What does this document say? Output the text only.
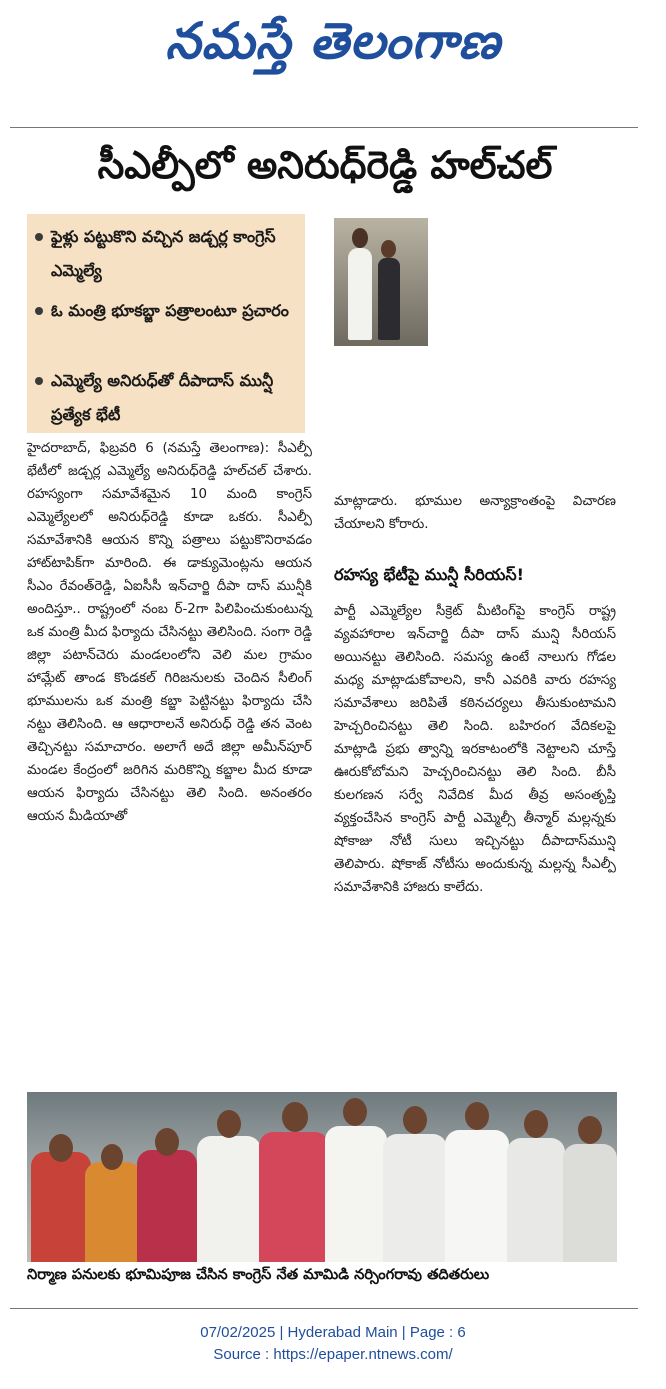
నమస్తే తెలంగాణ
సీఎల్పీలో అనిరుధ్‌రెడ్డి హల్‌చల్
ఫైళ్లు పట్టుకొని వచ్చిన జడ్చర్ల కాంగ్రెస్ ఎమ్మెల్యే
ఓ మంత్రి భూకబ్జా పత్రాలంటూ ప్రచారం
ఎమ్మెల్యే అనిరుధ్‌తో దీపాదాస్ మున్షీ ప్రత్యేక భేటీ
హైదరాబాద్, ఫిబ్రవరి 6 (నమస్తే తెలంగాణ): సీఎల్పీ భేటీలో జడ్చర్ల ఎమ్మెల్యే అనిరుధ్‌రెడ్డి హల్‌చల్ చేశారు. రహస్యంగా సమావేశమైన 10 మంది కాంగ్రెస్ ఎమ్మెల్యేలలో అనిరుధ్‌రెడ్డి కూడా ఒకరు. సీఎల్పీ సమావేశానికి ఆయన కొన్ని పత్రాలు పట్టుకొనిరావడం హాట్‌టాపిక్‌గా మారింది. ఈ డాక్యుమెంట్లను ఆయన సీఎం రేవంత్‌రెడ్డి, ఏఐసీసీ ఇన్‌చార్జి దీపా దాస్ మున్షీకి అందిస్తూ.. రాష్ట్రంలో నంబ ర్-2గా పిలిపించుకుంటున్న ఒక మంత్రి మీద ఫిర్యాదు చేసినట్టు తెలిసింది. సంగా రెడ్డి జిల్లా పటాన్‌చెరు మండలంలోని వెలి మల గ్రామం హామ్లేట్ తాండ కొండకల్ గిరిజనులకు చెందిన సీలింగ్ భూములను ఒక మంత్రి కబ్జా పెట్టినట్టు ఫిర్యాదు చేసి నట్టు తెలిసింది. ఆ ఆధారాలనే అనిరుధ్ రెడ్డి తన వెంట తెచ్చినట్టు సమాచారం. అలాగే అదే జిల్లా అమీన్‌పూర్ మండల కేంద్రంలో జరిగిన మరికొన్ని కబ్జాల మీద కూడా ఆయన ఫిర్యాదు చేసినట్టు తెలి సింది. అనంతరం ఆయన మీడియాతో
మాట్లాడారు. భూముల అన్యాక్రాంతంపై విచారణ చేయాలని కోరారు.
రహస్య భేటీపై మున్షీ సీరియస్!
పార్టీ ఎమ్మెల్యేల సీక్రెట్ మీటింగ్‌పై కాంగ్రెస్ రాష్ట్ర వ్యవహారాల ఇన్‌చార్జి దీపా దాస్ మున్షి సీరియస్ అయినట్టు తెలిసింది. సమస్య ఉంటే నాలుగు గోడల మధ్య మాట్లాడుకోవాలని, కానీ ఎవరికి వారు రహస్య సమావేశాలు జరిపితే కఠినచర్యలు తీసుకుంటామని హెచ్చరించినట్టు తెలి సింది. బహిరంగ వేదికలపై మాట్లాడి ప్రభు త్వాన్ని ఇరకాటంలోకి నెట్టాలని చూస్తే ఊరుకోబోమని హెచ్చరించినట్టు తెలి సింది. బీసీ కులగణన సర్వే నివేదిక మీద తీవ్ర అసంతృప్తి వ్యక్తంచేసిన కాంగ్రెస్ పార్టీ ఎమ్మెల్సీ తీన్మార్ మల్లన్నకు షోకాజు నోటీ సులు ఇచ్చినట్టు దీపాదాస్‌మున్షి తెలిపారు. షోకాజ్ నోటీసు అందుకున్న మల్లన్న సీఎల్పీ సమావేశానికి హాజరు కాలేదు.
నిర్మాణ పనులకు భూమిపూజ చేసిన కాంగ్రెస్ నేత మామిడి నర్సింగరావు తదితరులు
07/02/2025 | Hyderabad Main | Page : 6
Source : https://epaper.ntnews.com/
